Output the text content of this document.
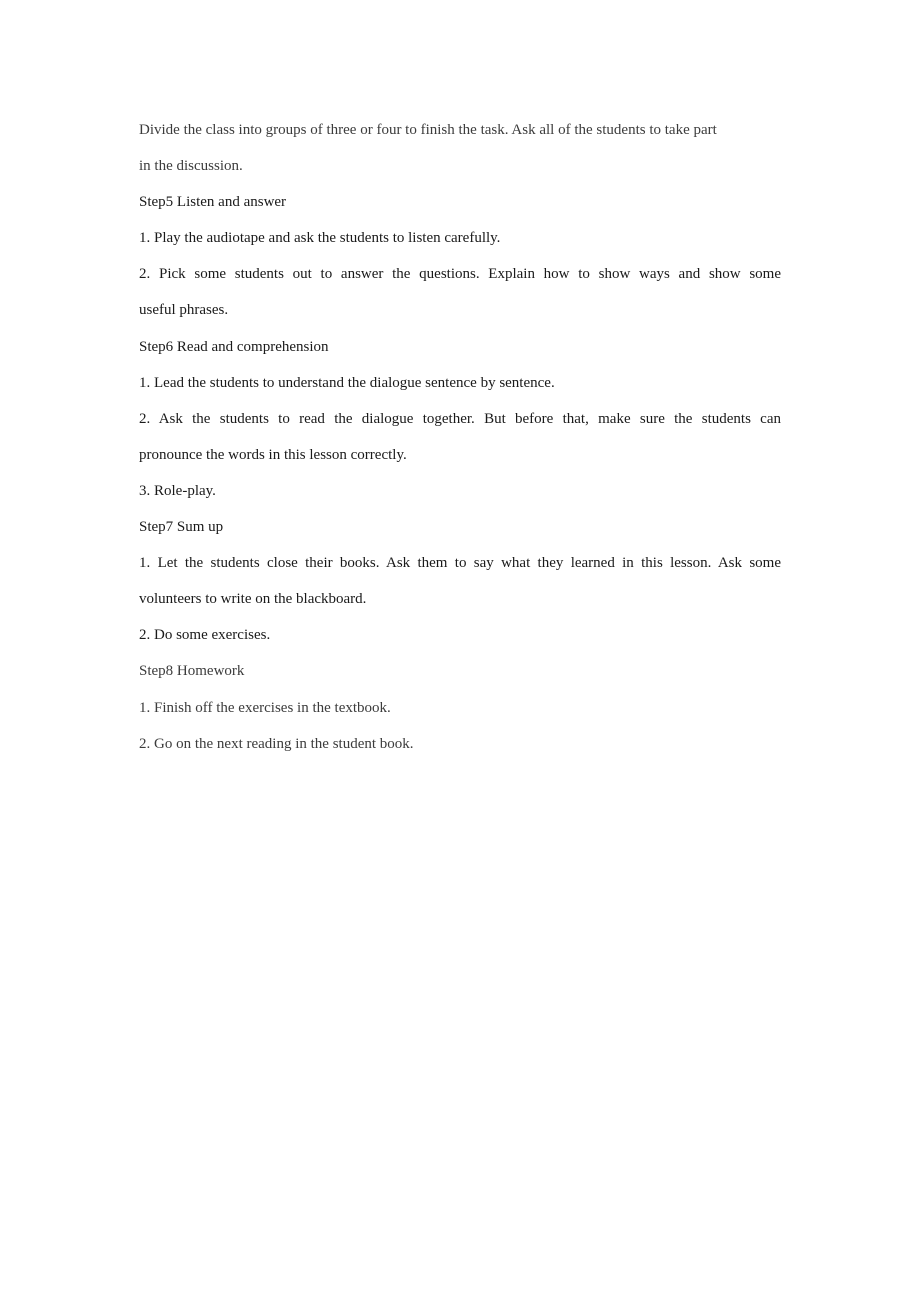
Divide the class into groups of three or four to finish the task. Ask all of the students to take part
in the discussion.
Step5 Listen and answer
1. Play the audiotape and ask the students to listen carefully.
2. Pick some students out to answer the questions. Explain how to show ways and show some
useful phrases.
Step6 Read and comprehension
1. Lead the students to understand the dialogue sentence by sentence.
2. Ask the students to read the dialogue together. But before that, make sure the students can
pronounce the words in this lesson correctly.
3. Role-play.
Step7 Sum up
1. Let the students close their books. Ask them to say what they learned in this lesson. Ask some
volunteers to write on the blackboard.
2. Do some exercises.
Step8 Homework
1. Finish off the exercises in the textbook.
2. Go on the next reading in the student book.
